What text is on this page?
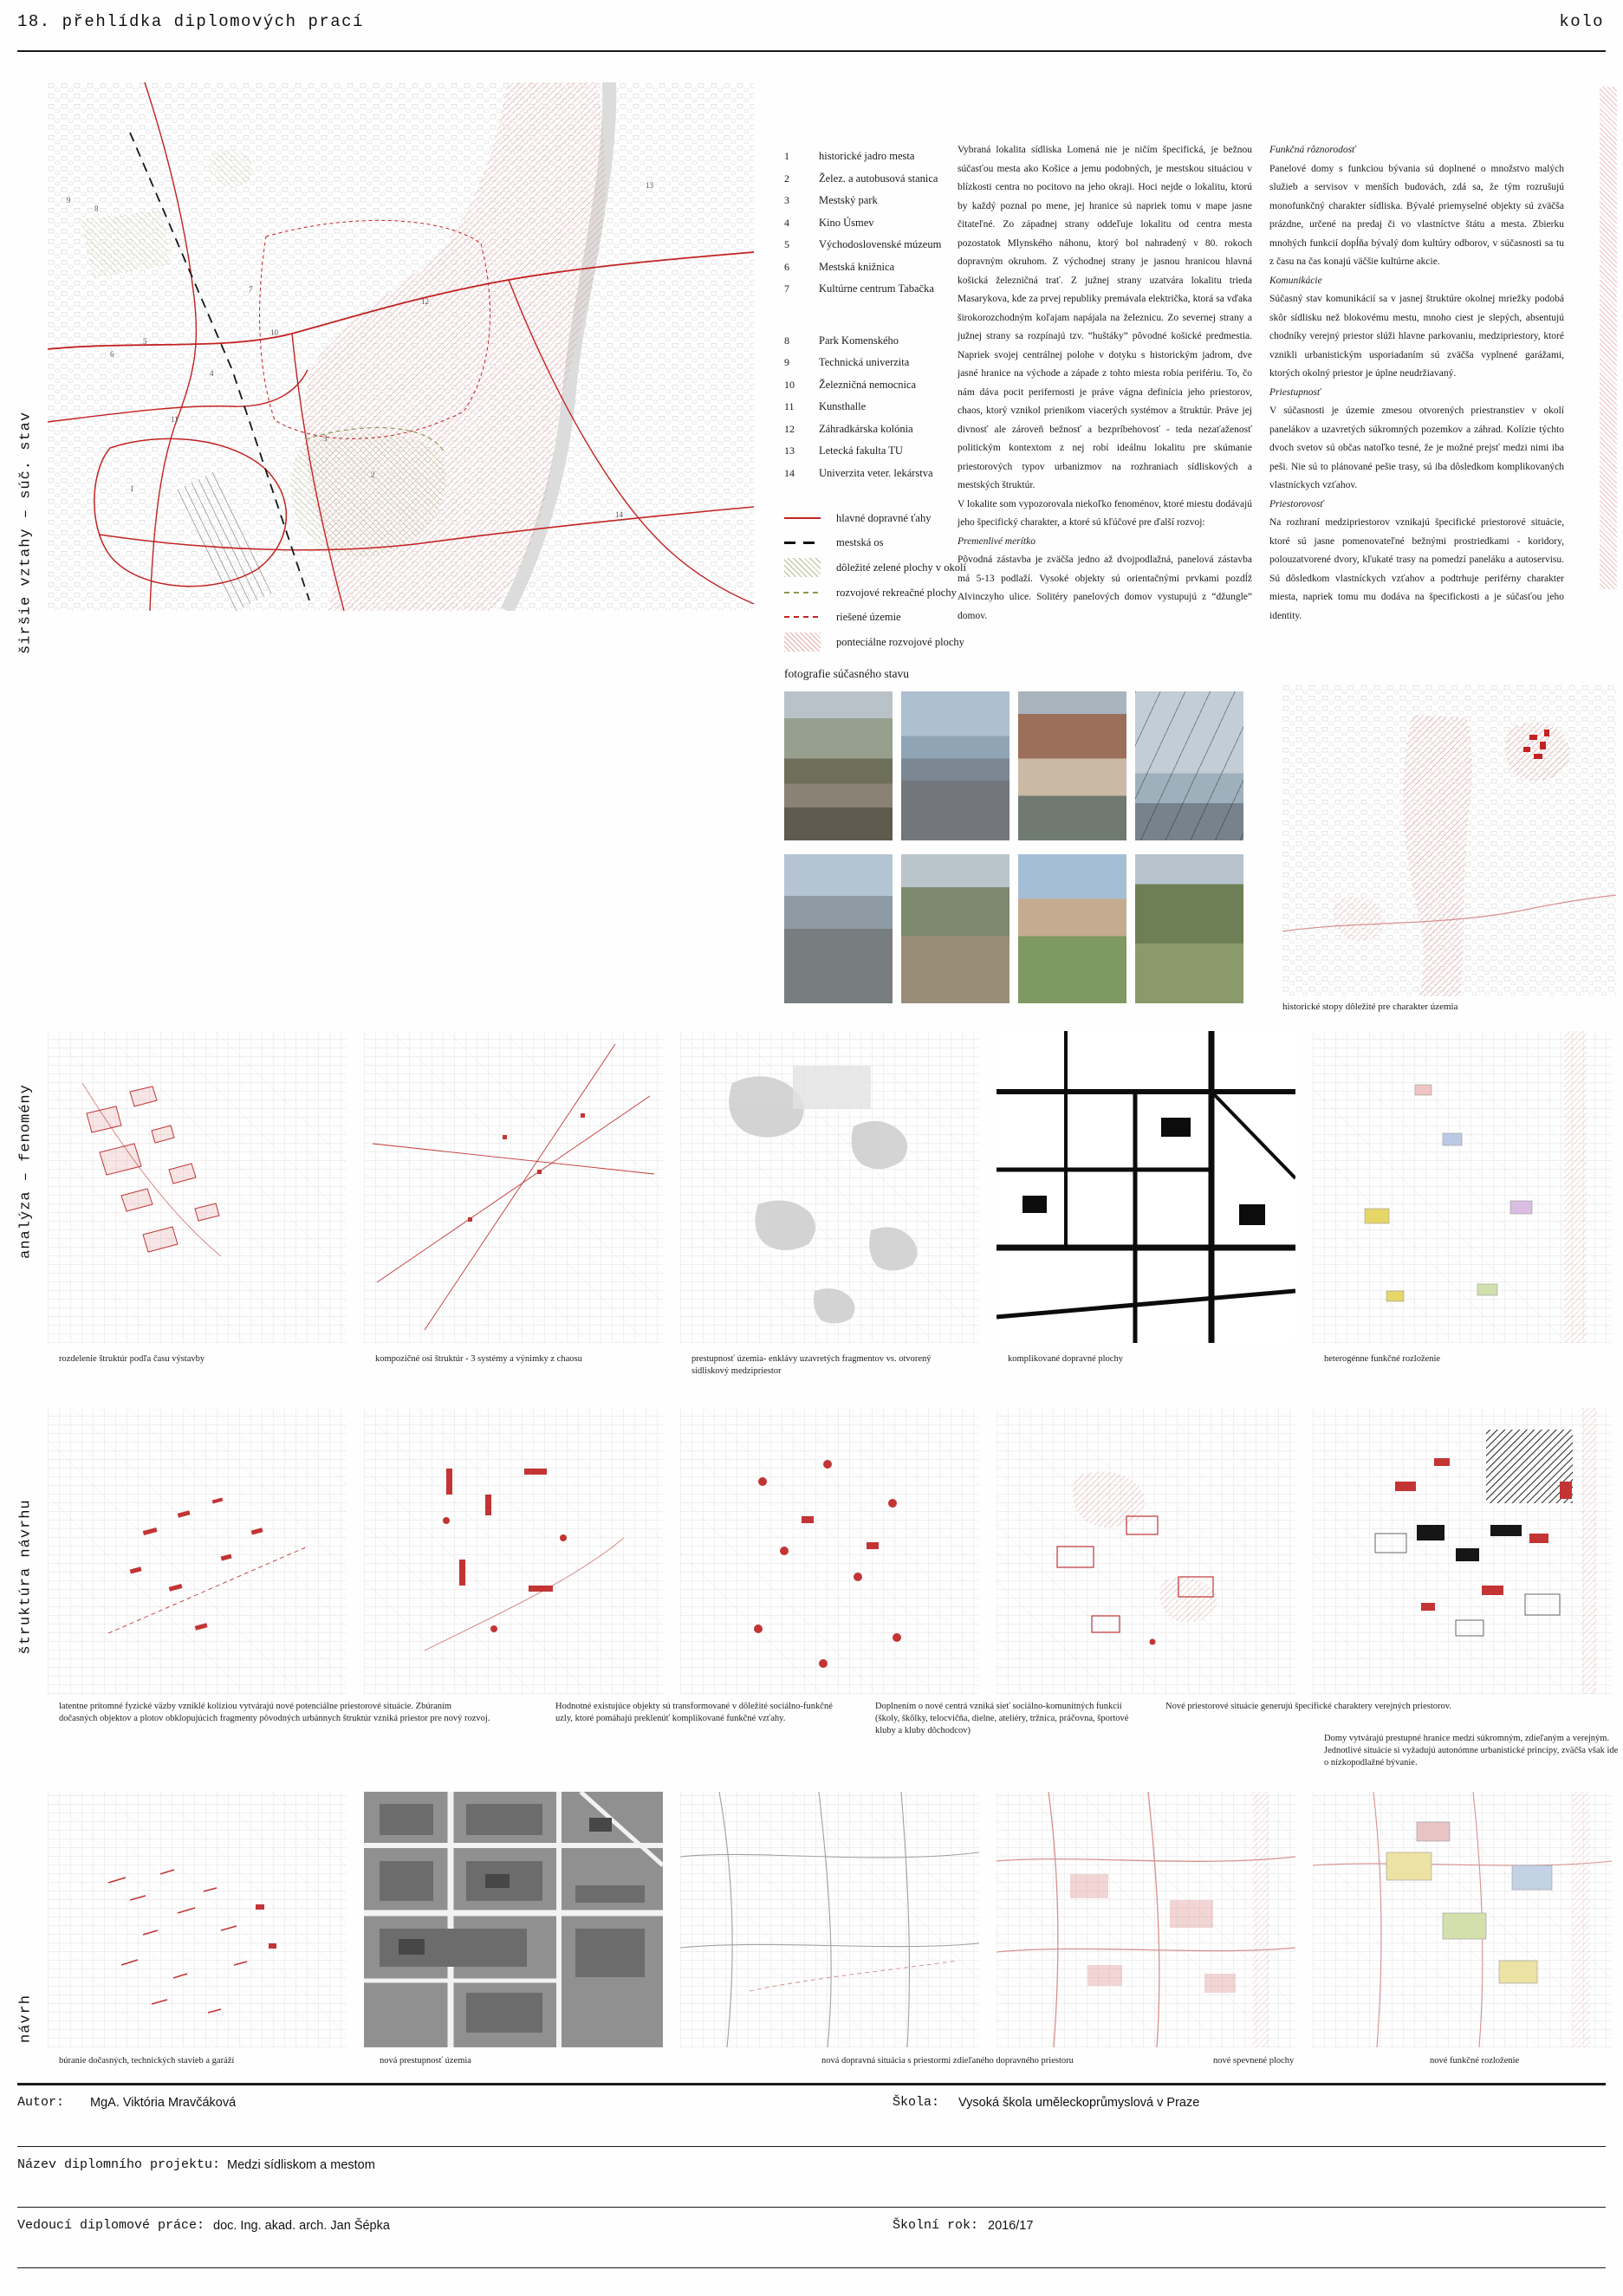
18. přehlídka diplomových prací	kolo
širšie vztahy – súč. stav
analýza – fenomény
štruktúra návrhu
návrh
1
2
3
4
5
6
7
8
9
10
11
12
13
14
1	historické jadro mesta
2	Želez. a autobusová stanica
3	Mestský park
4	Kino Úsmev
5	Východoslovenské múzeum
6	Mestská knižnica
7	Kultúrne centrum Tabačka
8	Park Komenského
9	Technická univerzita
10	Železničná nemocnica
11	Kunsthalle
12	Záhradkárska kolónia
13	Letecká fakulta TU
14	Univerzita veter. lekárstva
hlavné dopravné ťahy
mestská os
dôležité zelené plochy v okolí
rozvojové rekreačné plochy
riešené územie
ponteciálne rozvojové plochy

Vybraná lokalita sídliska Lomená nie je ničím špecifická, je bežnou súčasťou mesta ako Košice a jemu podobných, je mestskou situáciou v blízkosti centra no pocitovo na jeho okraji. Hoci nejde o lokalitu, ktorú by každý poznal po mene, jej hranice sú napriek tomu v mape jasne čitateľné. Zo západnej strany oddeľuje lokalitu od centra mesta pozostatok Mlynského náhonu, ktorý bol nahradený v 80. rokoch dopravným okruhom. Z východnej strany je jasnou hranicou hlavná košická železničná trať. Z južnej strany uzatvára lokalitu trieda Masarykova, kde za prvej republiky premávala električka, ktorá sa vďaka širokorozchodným koľajam napájala na železnicu. Zo severnej strany a južnej strany sa rozpínajú tzv. “huštáky” pôvodné košické predmestia. Napriek svojej centrálnej polohe v dotyku s historickým jadrom, dve jasné hranice na východe a západe z tohto miesta robia perifériu. To, čo nám dáva pocit perifernosti je práve vágna definícia jeho priestorov, chaos, ktorý vznikol prienikom viacerých systémov a štruktúr. Práve jej divnosť ale zároveň bežnosť a bezpríbehovosť - teda nezaťaženosť politickým kontextom z nej robí ideálnu lokalitu pre skúmanie priestorových typov urbanizmov na rozhraniach sídliskových a mestských štruktúr.

V lokalite som vypozorovala niekoľko fenoménov, ktoré miestu dodávajú jeho špecifický charakter, a ktoré sú kľúčové pre ďalší rozvoj:

Premenlivé merítko

Pôvodná zástavba je zväčša jedno až dvojpodlažná, panelová zástavba má 5-13 podlaží. Vysoké objekty sú orientačnými prvkami pozdĺž Alvinczyho ulice. Solitéry panelových domov vystupujú z “džungle” domov.

Funkčná rôznorodosť

Panelové domy s funkciou bývania sú doplnené o množstvo malých služieb a servisov v menších budovách, zdá sa, že tým rozrušujú monofunkčný charakter sídliska. Bývalé priemyselné objekty sú zväčša prázdne, určené na predaj či vo vlastníctve štátu a mesta. Zbierku mnohých funkcií dopĺňa bývalý dom kultúry odborov, v súčasnosti sa tu z času na čas konajú väčšie kultúrne akcie.

Komunikácie

Súčasný stav komunikácií sa v jasnej štruktúre okolnej mriežky podobá skôr sídlisku než blokovému mestu, mnoho ciest je slepých, absentujú chodníky verejný priestor slúži hlavne parkovaniu, medzipriestory, ktoré vznikli urbanistickým usporiadaním sú zväčša vyplnené garážami, ktorých okolný priestor je úplne neudržiavaný.

Priestupnosť

V súčasnosti je územie zmesou otvorených priestranstiev v okolí panelákov a uzavretých súkromných pozemkov a záhrad. Kolízie týchto dvoch svetov sú občas natoľko tesné, že je možné prejsť medzi nimi iba peši. Nie sú to plánované pešie trasy, sú iba dôsledkom komplikovaných vlastníckych vzťahov.

Priestorovosť

Na rozhraní medzipriestorov vznikajú špecifické priestorové situácie, ktoré sú jasne pomenovateľné bežnými prostriedkami - koridory, polouzatvorené dvory, kľukaté trasy na pomedzí paneláku a autoservisu. Sú dôsledkom vlastníckych vzťahov a podtrhuje periférny charakter miesta, napriek tomu mu dodáva na špecifickosti a je súčasťou jeho identity.

fotografie súčasného stavu
historické stopy dôležité pre charakter územia
rozdelenie štruktúr podľa času výstavby	kompozičné osi štruktúr - 3 systémy a výnimky z chaosu	prestupnosť územia- enklávy uzavretých fragmentov vs. otvorený sídliskový medzipriestor
komplikované dopravné plochy	heterogénne funkčné rozloženie
latentne prítomné fyzické väzby vzniklé kolíziou vytvárajú nové potenciálne priestorové situácie. Zbúraním dočasných objektov a plotov obklopujúcich fragmenty pôvodných urbánnych štruktúr vzniká priestor pre nový rozvoj.
Hodnotné existujúce objekty sú transformované v dôležité sociálno-funkčné uzly, ktoré pomáhajú preklenúť komplikované funkčné vzťahy.
Doplnením o nové centrá vzniká sieť sociálno-komunitných funkcií (školy, škôlky, telocvičňa, dielne, ateliéry, tržnica, práčovna, športové kluby a kluby dôchodcov)
Nové priestorové situácie generujú špecifické charaktery verejných priestorov.
Domy vytvárajú prestupné hranice medzi súkromným, zdieľaným a verejným. Jednotlivé situácie si vyžadujú autonómne urbanistické princípy, zväčša však ide o nízkopodlažné bývanie.
búranie dočasných, technických stavieb a garáží	nová prestupnosť územia	nová dopravná situácia s priestormi zdieľaného dopravného priestoru	nové spevnené plochy	nové funkčné rozloženie
Autor: MgA. Viktória Mravčáková	Škola: Vysoká škola uměleckoprůmyslová v Praze
Název diplomního projektu: Medzi sídliskom a mestom
Vedoucí diplomové práce: doc. Ing. akad. arch. Jan Šépka	Školní rok: 2016/17
